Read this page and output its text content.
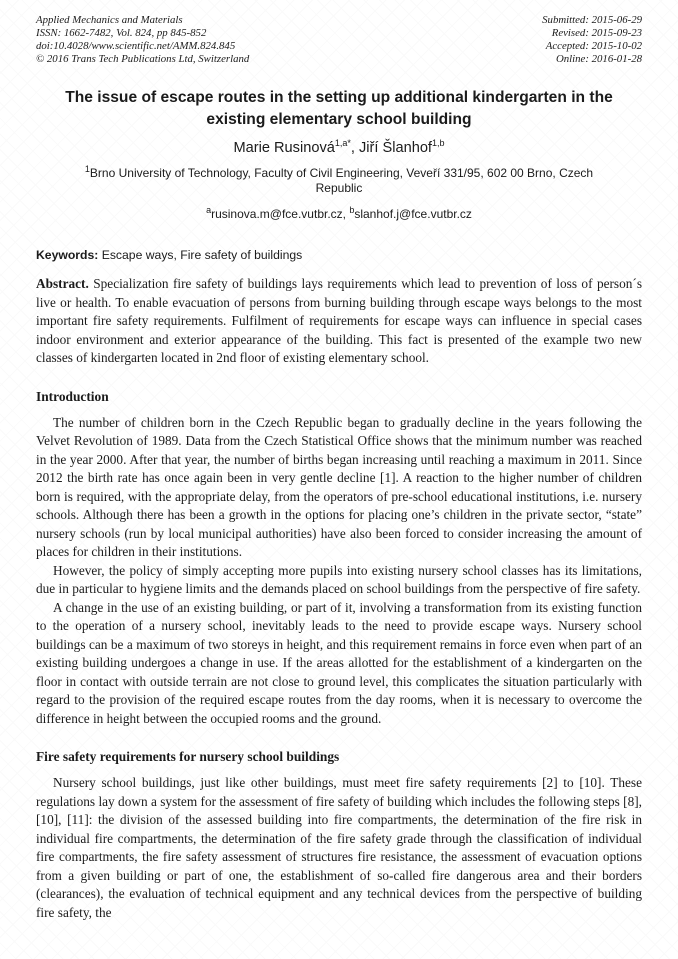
Applied Mechanics and Materials
ISSN: 1662-7482, Vol. 824, pp 845-852
doi:10.4028/www.scientific.net/AMM.824.845
© 2016 Trans Tech Publications Ltd, Switzerland
Submitted: 2015-06-29
Revised: 2015-09-23
Accepted: 2015-10-02
Online: 2016-01-28
The issue of escape routes in the setting up additional kindergarten in the existing elementary school building
Marie Rusinová$^{1,a*}$, Jiří Šlanhof$^{1,b}$
$^1$Brno University of Technology, Faculty of Civil Engineering, Veveří 331/95, 602 00 Brno, Czech Republic
$^a$rusinova.m@fce.vutbr.cz, $^b$slanhof.j@fce.vutbr.cz

Keywords: Escape ways, Fire safety of buildings

Abstract. Specialization fire safety of buildings lays requirements which lead to prevention of loss of person´s live or health. To enable evacuation of persons from burning building through escape ways belongs to the most important fire safety requirements. Fulfilment of requirements for escape ways can influence in special cases indoor environment and exterior appearance of the building. This fact is presented of the example two new classes of kindergarten located in 2nd floor of existing elementary school.

Introduction

The number of children born in the Czech Republic began to gradually decline in the years following the Velvet Revolution of 1989. Data from the Czech Statistical Office shows that the minimum number was reached in the year 2000. After that year, the number of births began increasing until reaching a maximum in 2011. Since 2012 the birth rate has once again been in very gentle decline [1]. A reaction to the higher number of children born is required, with the appropriate delay, from the operators of pre-school educational institutions, i.e. nursery schools. Although there has been a growth in the options for placing one’s children in the private sector, “state” nursery schools (run by local municipal authorities) have also been forced to consider increasing the amount of places for children in their institutions.

However, the policy of simply accepting more pupils into existing nursery school classes has its limitations, due in particular to hygiene limits and the demands placed on school buildings from the perspective of fire safety.

A change in the use of an existing building, or part of it, involving a transformation from its existing function to the operation of a nursery school, inevitably leads to the need to provide escape ways. Nursery school buildings can be a maximum of two storeys in height, and this requirement remains in force even when part of an existing building undergoes a change in use. If the areas allotted for the establishment of a kindergarten on the floor in contact with outside terrain are not close to ground level, this complicates the situation particularly with regard to the provision of the required escape routes from the day rooms, when it is necessary to overcome the difference in height between the occupied rooms and the ground.

Fire safety requirements for nursery school buildings

Nursery school buildings, just like other buildings, must meet fire safety requirements [2] to [10]. These regulations lay down a system for the assessment of fire safety of building which includes the following steps [8], [10], [11]: the division of the assessed building into fire compartments, the determination of the fire risk in individual fire compartments, the determination of the fire safety grade through the classification of individual fire compartments, the fire safety assessment of structures fire resistance, the assessment of evacuation options from a given building or part of one, the establishment of so-called fire dangerous area and their borders (clearances), the evaluation of technical equipment and any technical devices from the perspective of building fire safety, the
